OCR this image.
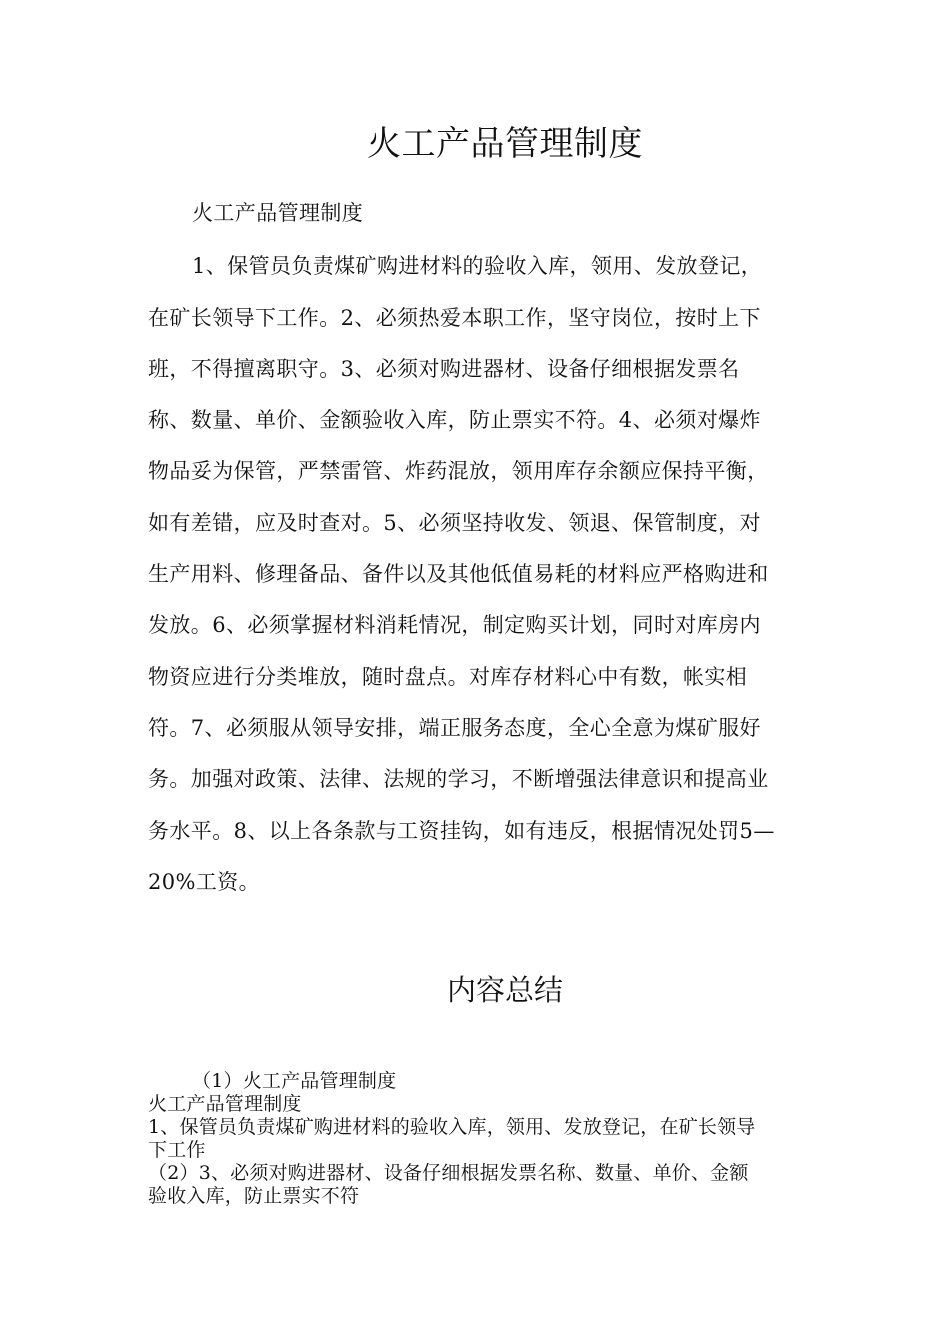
火工产品管理制度
火工产品管理制度
1、保管员负责煤矿购进材料的验收入库，领用、发放登记，
在矿长领导下工作。2、必须热爱本职工作，坚守岗位，按时上下
班，不得擅离职守。3、必须对购进器材、设备仔细根据发票名
称、数量、单价、金额验收入库，防止票实不符。4、必须对爆炸
物品妥为保管，严禁雷管、炸药混放，领用库存余额应保持平衡，
如有差错，应及时查对。5、必须坚持收发、领退、保管制度，对
生产用料、修理备品、备件以及其他低值易耗的材料应严格购进和
发放。6、必须掌握材料消耗情况，制定购买计划，同时对库房内
物资应进行分类堆放，随时盘点。对库存材料心中有数，帐实相
符。7、必须服从领导安排，端正服务态度，全心全意为煤矿服好
务。加强对政策、法律、法规的学习，不断增强法律意识和提高业
务水平。8、以上各条款与工资挂钩，如有违反，根据情况处罚5—
20%工资。
内容总结
（1）火工产品管理制度
火工产品管理制度
1、保管员负责煤矿购进材料的验收入库，领用、发放登记，在矿长领导
下工作
（2）3、必须对购进器材、设备仔细根据发票名称、数量、单价、金额
验收入库，防止票实不符
